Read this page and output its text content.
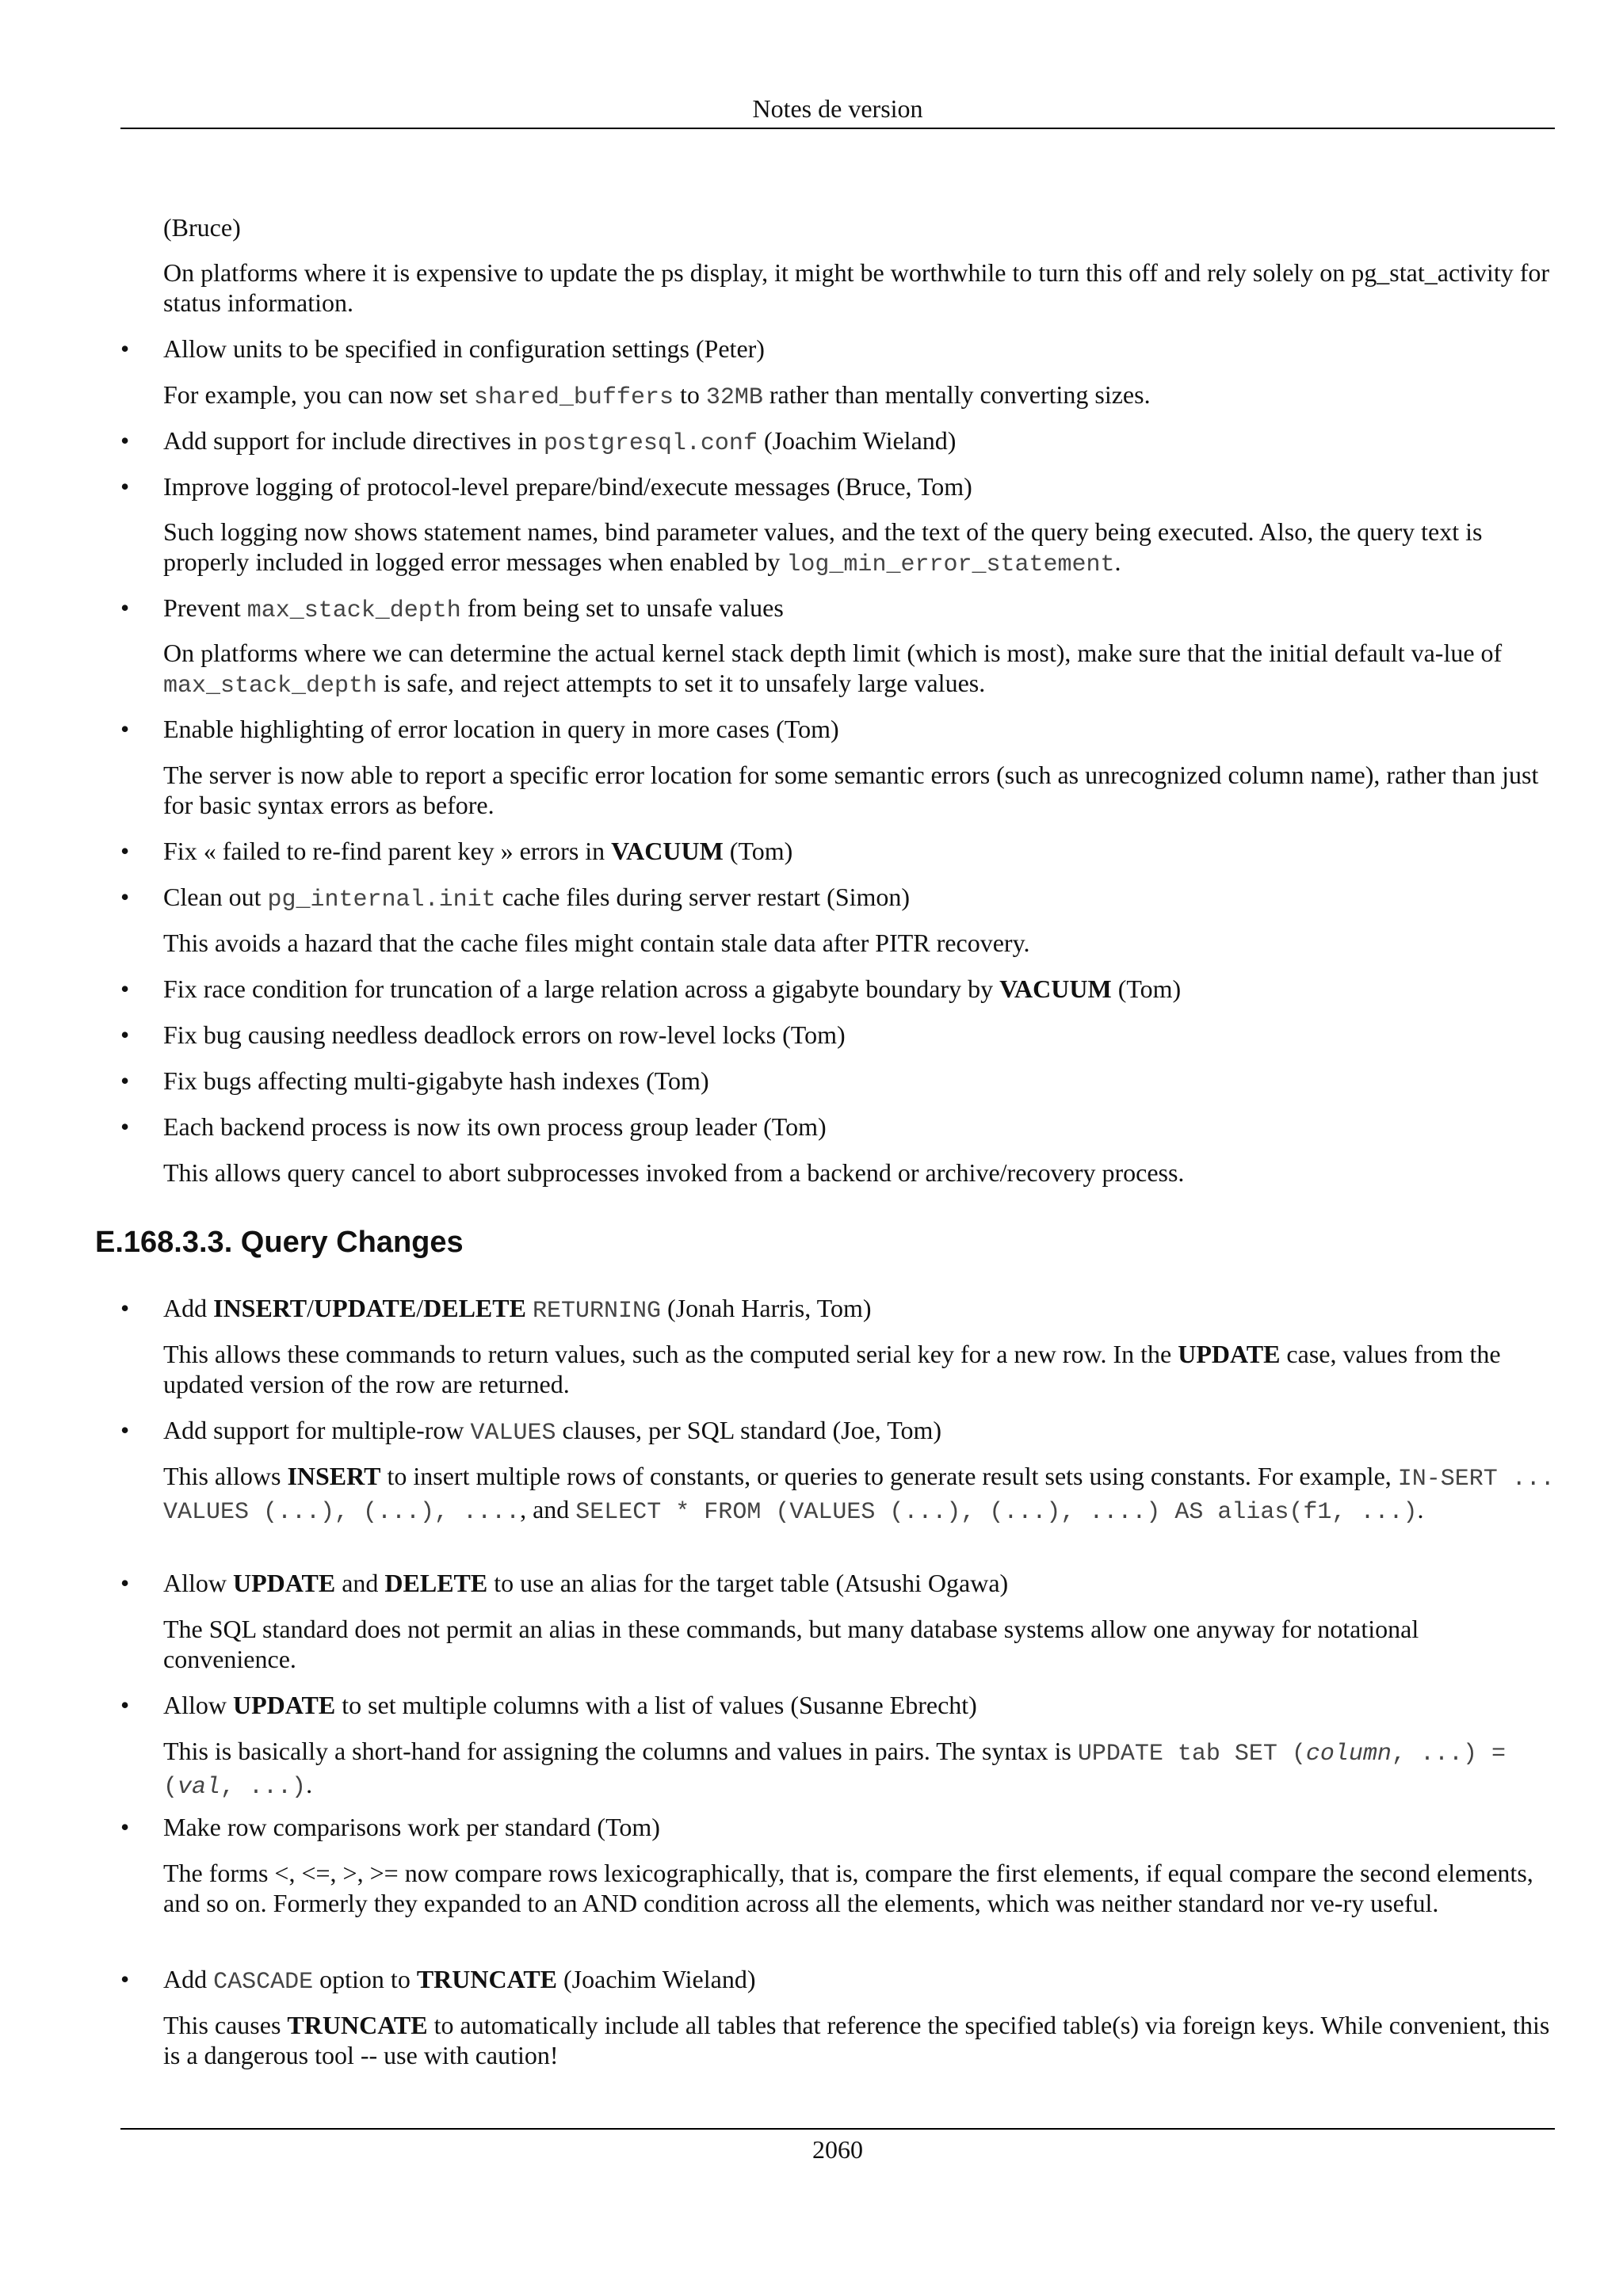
Notes de version

(Bruce)

On platforms where it is expensive to update the ps display, it might be worthwhile to turn this off and rely solely on pg_stat_activity for status information.

• Allow units to be specified in configuration settings (Peter)

For example, you can now set shared_buffers to 32MB rather than mentally converting sizes.

• Add support for include directives in postgresql.conf (Joachim Wieland)

• Improve logging of protocol-level prepare/bind/execute messages (Bruce, Tom)

Such logging now shows statement names, bind parameter values, and the text of the query being executed. Also, the query text is properly included in logged error messages when enabled by log_min_error_statement.

• Prevent max_stack_depth from being set to unsafe values

On platforms where we can determine the actual kernel stack depth limit (which is most), make sure that the initial default va-lue of max_stack_depth is safe, and reject attempts to set it to unsafely large values.

• Enable highlighting of error location in query in more cases (Tom)

The server is now able to report a specific error location for some semantic errors (such as unrecognized column name), rather than just for basic syntax errors as before.

• Fix « failed to re-find parent key » errors in VACUUM (Tom)

• Clean out pg_internal.init cache files during server restart (Simon)

This avoids a hazard that the cache files might contain stale data after PITR recovery.

• Fix race condition for truncation of a large relation across a gigabyte boundary by VACUUM (Tom)

• Fix bug causing needless deadlock errors on row-level locks (Tom)

• Fix bugs affecting multi-gigabyte hash indexes (Tom)

• Each backend process is now its own process group leader (Tom)

This allows query cancel to abort subprocesses invoked from a backend or archive/recovery process.

E.168.3.3. Query Changes
• Add INSERT/UPDATE/DELETE RETURNING (Jonah Harris, Tom)

This allows these commands to return values, such as the computed serial key for a new row. In the UPDATE case, values from the updated version of the row are returned.

• Add support for multiple-row VALUES clauses, per SQL standard (Joe, Tom)

This allows INSERT to insert multiple rows of constants, or queries to generate result sets using constants. For example, IN-SERT ... VALUES (...), (...), ...., and SELECT * FROM (VALUES (...), (...), ....) AS alias(f1, ...).

• Allow UPDATE and DELETE to use an alias for the target table (Atsushi Ogawa)

The SQL standard does not permit an alias in these commands, but many database systems allow one anyway for notational convenience.

• Allow UPDATE to set multiple columns with a list of values (Susanne Ebrecht)

This is basically a short-hand for assigning the columns and values in pairs. The syntax is UPDATE tab SET (column, ...) = (val, ...).

• Make row comparisons work per standard (Tom)

The forms <, <=, >, >= now compare rows lexicographically, that is, compare the first elements, if equal compare the second elements, and so on. Formerly they expanded to an AND condition across all the elements, which was neither standard nor ve-ry useful.

• Add CASCADE option to TRUNCATE (Joachim Wieland)

This causes TRUNCATE to automatically include all tables that reference the specified table(s) via foreign keys. While convenient, this is a dangerous tool -- use with caution!

2060
